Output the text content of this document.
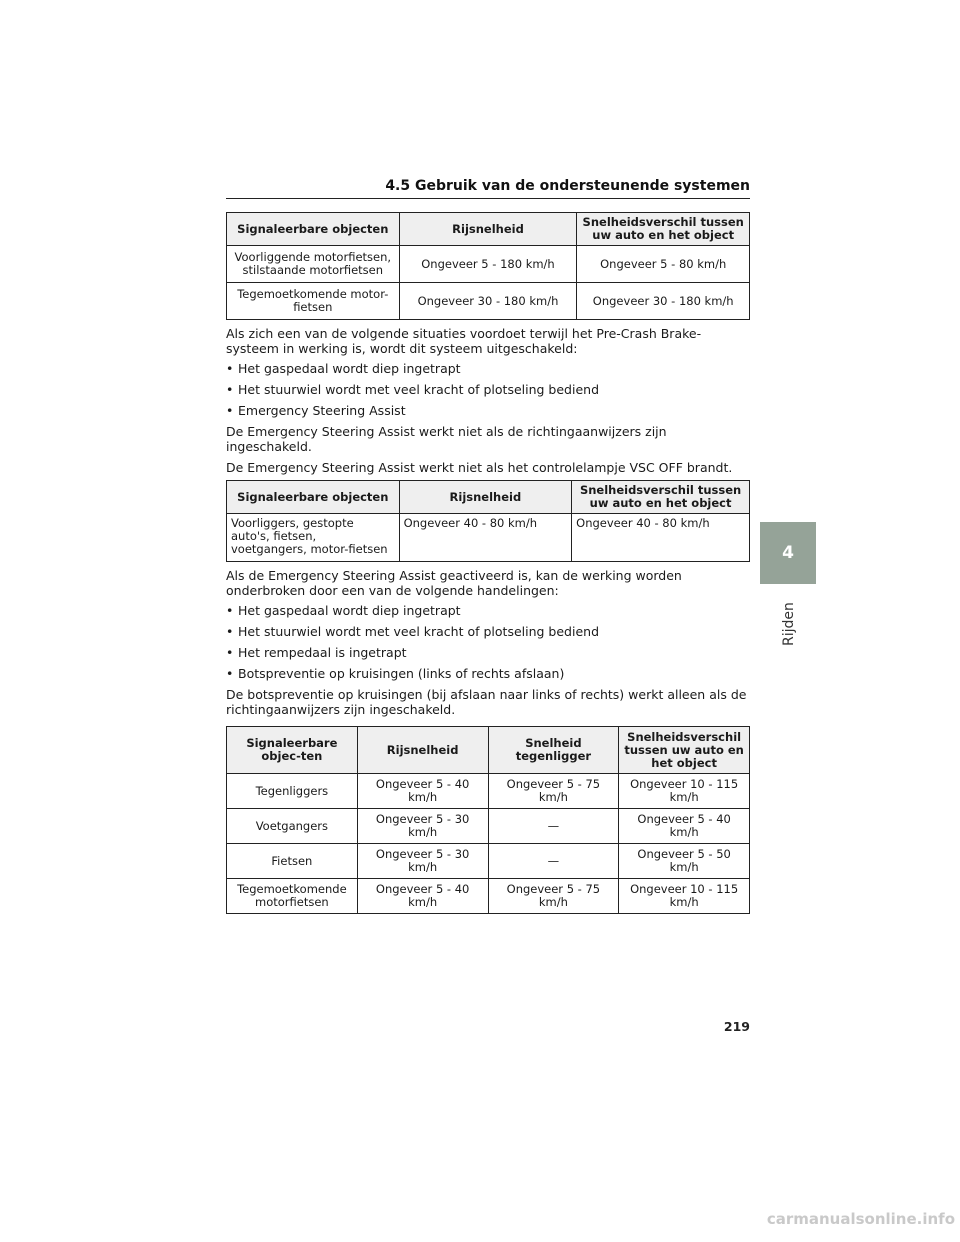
4.5 Gebruik van de ondersteunende systemen
Signaleerbare objecten	Rijsnelheid	Snelheidsverschil tussen uw auto en het object
Voorliggende motorfietsen, stilstaande motorfietsen	Ongeveer 5 - 180 km/h	Ongeveer 5 - 80 km/h
Tegemoetkomende motor-fietsen	Ongeveer 30 - 180 km/h	Ongeveer 30 - 180 km/h

Als zich een van de volgende situaties voordoet terwijl het Pre-Crash Brake-systeem in werking is, wordt dit systeem uitgeschakeld:

• Het gaspedaal wordt diep ingetrapt
• Het stuurwiel wordt met veel kracht of plotseling bediend
• Emergency Steering Assist

De Emergency Steering Assist werkt niet als de richtingaanwijzers zijn ingeschakeld.

De Emergency Steering Assist werkt niet als het controlelampje VSC OFF brandt.

Signaleerbare objecten	Rijsnelheid	Snelheidsverschil tussen uw auto en het object
Voorliggers, gestopte auto's, fietsen, voetgangers, motor-fietsen	Ongeveer 40 - 80 km/h	Ongeveer 40 - 80 km/h

Als de Emergency Steering Assist geactiveerd is, kan de werking worden onderbroken door een van de volgende handelingen:

• Het gaspedaal wordt diep ingetrapt
• Het stuurwiel wordt met veel kracht of plotseling bediend
• Het rempedaal is ingetrapt
• Botspreventie op kruisingen (links of rechts afslaan)

De botspreventie op kruisingen (bij afslaan naar links of rechts) werkt alleen als de richtingaanwijzers zijn ingeschakeld.

Signaleerbare objec-ten	Rijsnelheid	Snelheid tegenligger	Snelheidsverschil tussen uw auto en het object
Tegenliggers	Ongeveer 5 - 40 km/h	Ongeveer 5 - 75 km/h	Ongeveer 10 - 115 km/h
Voetgangers	Ongeveer 5 - 30 km/h	—	Ongeveer 5 - 40 km/h
Fietsen	Ongeveer 5 - 30 km/h	—	Ongeveer 5 - 50 km/h
Tegemoetkomende motorfietsen	Ongeveer 5 - 40 km/h	Ongeveer 5 - 75 km/h	Ongeveer 10 - 115 km/h
4
Rijden
219
carmanualsonline.info
